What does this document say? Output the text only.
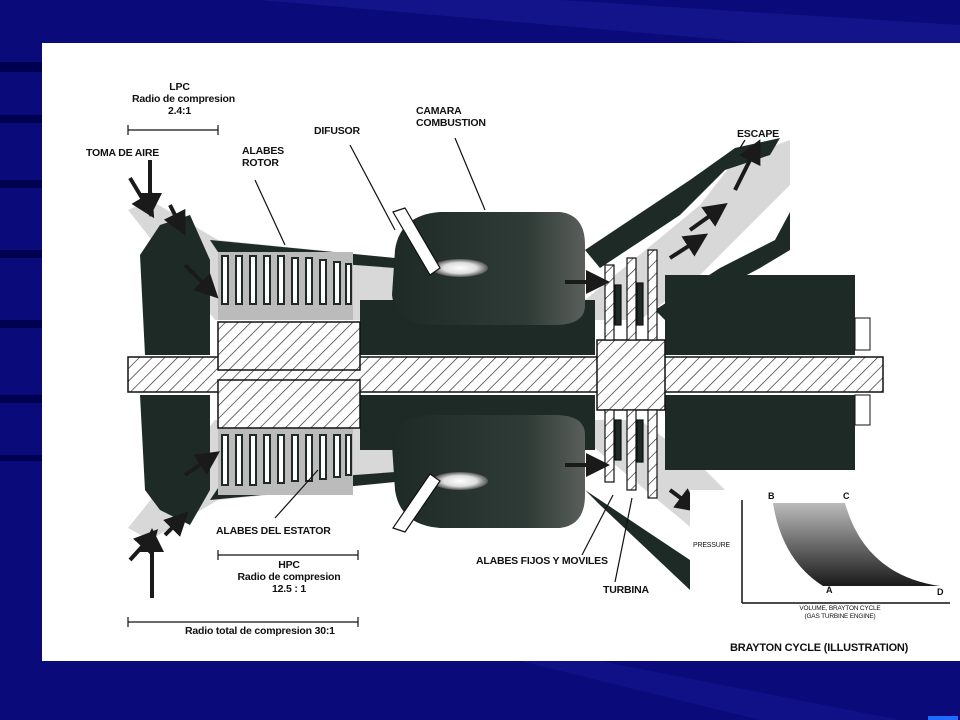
LPC
Radio de compresion
2.4:1
TOMA DE AIRE	ALABES
ROTOR
DIFUSOR
CAMARA
COMBUSTION
ESCAPE
ALABES DEL ESTATOR
HPC
Radio de compresion
12.5 : 1
Radio total de compresion 30:1
ALABES FIJOS Y MOVILES
TURBINA
B	C
A	D
PRESSURE
VOLUME, BRAYTON CYCLE
(GAS TURBINE ENGINE)
BRAYTON CYCLE (ILLUSTRATION)
